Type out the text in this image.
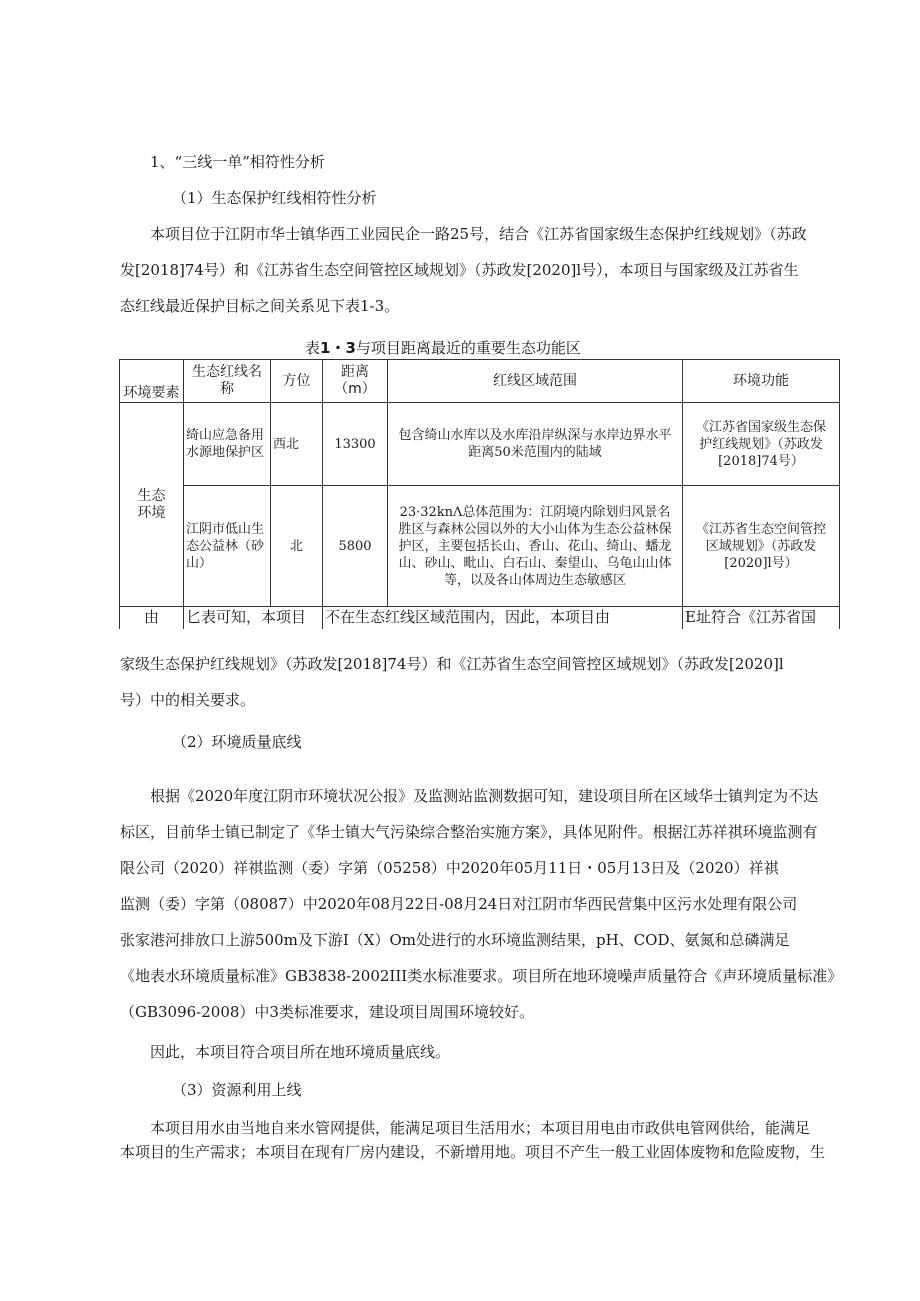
1、“三线一单”相符性分析
（1）生态保护红线相符性分析
本项目位于江阴市华士镇华西工业园民企一路25号，结合《江苏省国家级生态保护红线规划》（苏政
发[2018]74号）和《江苏省生态空间管控区域规划》（苏政发[2020]l号），本项目与国家级及江苏省生
态红线最近保护目标之间关系见下表1-3。
表1・3与项目距离最近的重要生态功能区
环境要素	生态红线名称	方位	距离（m）	红线区域范围	环境功能
生态环境	绮山应急备用水源地保护区	西北	13300	包含绮山水库以及水库沿岸纵深与水岸边界水平距离50米范围内的陆域	《江苏省国家级生态保护红线规划》（苏政发[2018]74号）
	江阴市低山生态公益林（砂山）	北	5800	23·32knΛ总体范围为：江阴境内除划归风景名胜区与森林公园以外的大小山体为生态公益林保护区，主要包括长山、香山、花山、绮山、蟠龙山、砂山、毗山、白石山、秦望山、乌龟山山体等，以及各山体周边生态敏感区	《江苏省生态空间管控区域规划》（苏政发[2020]l号）
由	匕表可知，本项目		不在生态红线区域范围内，因此，本项目由		E址符合《江苏省国
家级生态保护红线规划》（苏政发[2018]74号）和《江苏省生态空间管控区域规划》（苏政发[2020]l
号）中的相关要求。
（2）环境质量底线
根据《2020年度江阴市环境状况公报》及监测站监测数据可知，建设项目所在区域华士镇判定为不达
标区，目前华士镇已制定了《华士镇大气污染综合整治实施方案》，具体见附件。根据江苏祥祺环境监测有
限公司（2020）祥祺监测（委）字第（05258）中2020年05月11日・05月13日及（2020）祥祺
监测（委）字第（08087）中2020年08月22日-08月24日对江阴市华西民营集中区污水处理有限公司
张家港河排放口上游500m及下游I（X）Om处进行的水环境监测结果，pH、COD、氨氮和总磷满足
《地表水环境质量标准》GB3838-2002III类水标准要求。项目所在地环境噪声质量符合《声环境质量标准》
（GB3096-2008）中3类标准要求，建设项目周围环境较好。
因此，本项目符合项目所在地环境质量底线。
（3）资源利用上线
本项目用水由当地自来水管网提供，能满足项目生活用水；本项目用电由市政供电管网供给，能满足
本项目的生产需求；本项目在现有厂房内建设，不新增用地。项目不产生一般工业固体废物和危险废物，生
